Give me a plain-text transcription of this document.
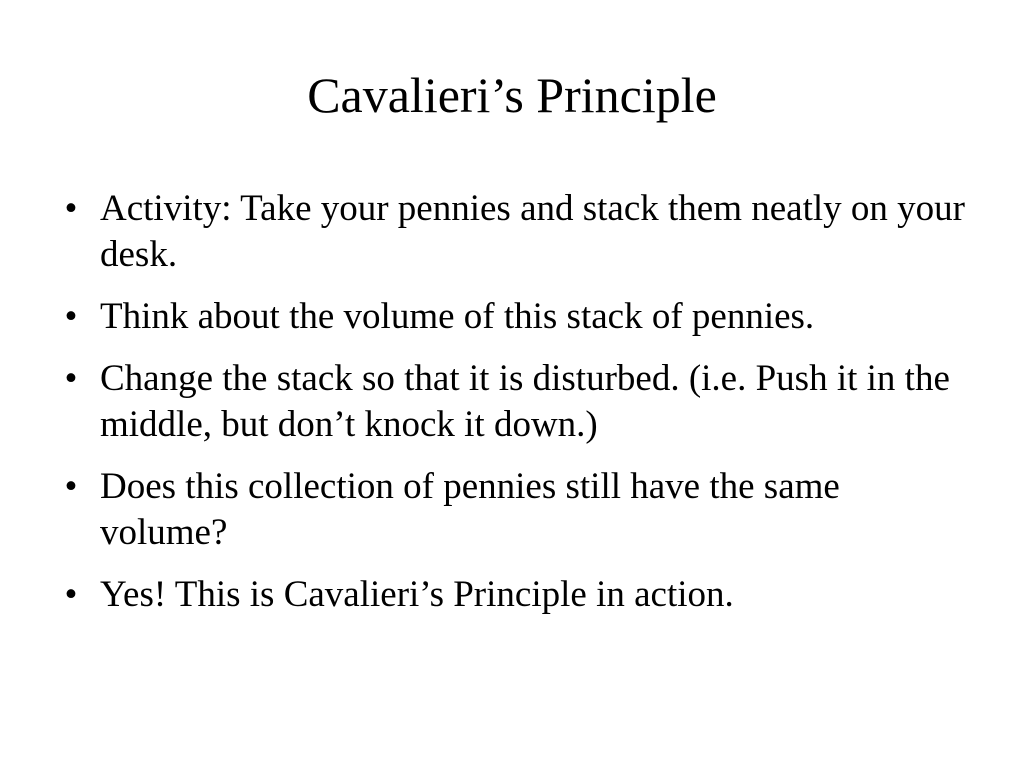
Cavalieri’s Principle
• Activity: Take your pennies and stack them neatly on your desk.
• Think about the volume of this stack of pennies.
• Change the stack so that it is disturbed. (i.e. Push it in the middle, but don’t knock it down.)
• Does this collection of pennies still have the same volume?
• Yes! This is Cavalieri’s Principle in action.
